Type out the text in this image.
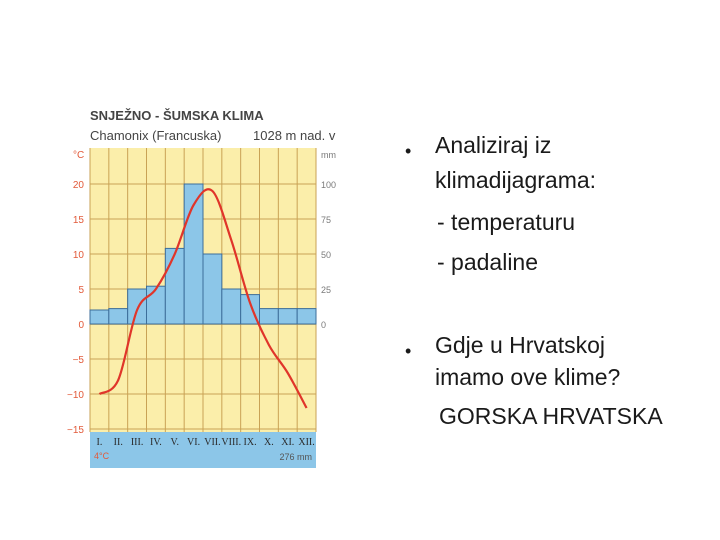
20
15
10
5
0
−5
−10
−15
100
75
50
25
0
I. II. III. IV. V. VI. VII. VIII. IX. X. XI. XII.
SNJEŽNO - ŠUMSKA KLIMA
Chamonix (Francuska) 1028 m nad. v
°C	mm
4°C	276 mm
• Analiziraj iz
klimadijagrama:
- temperaturu
- padaline
• Gdje u Hrvatskoj
imamo ove klime?
GORSKA HRVATSKA
